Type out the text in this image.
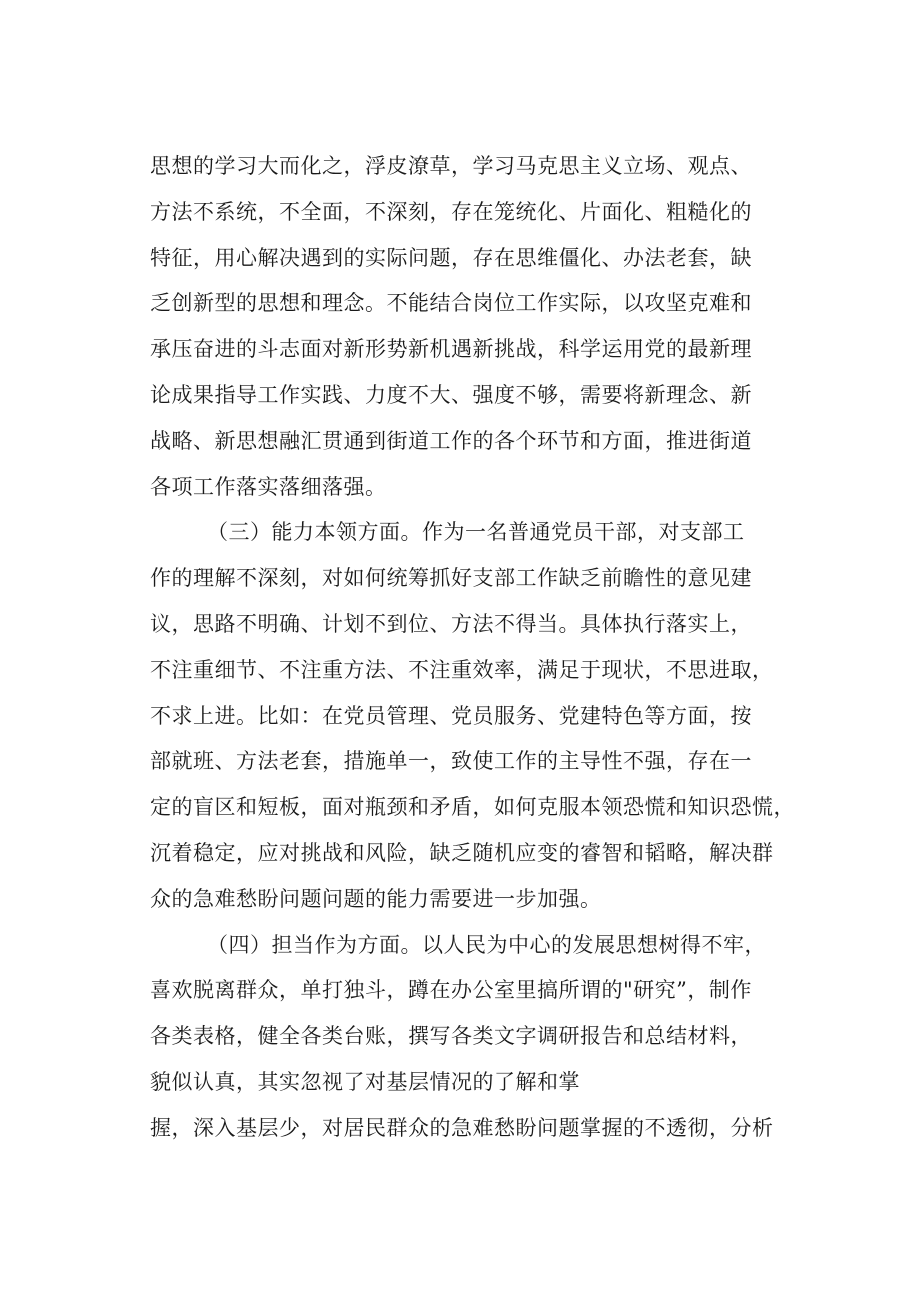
思想的学习大而化之，浮皮潦草，学习马克思主义立场、观点、
方法不系统，不全面，不深刻，存在笼统化、片面化、粗糙化的
特征，用心解决遇到的实际问题，存在思维僵化、办法老套，缺
乏创新型的思想和理念。不能结合岗位工作实际，以攻坚克难和
承压奋进的斗志面对新形势新机遇新挑战，科学运用党的最新理
论成果指导工作实践、力度不大、强度不够，需要将新理念、新
战略、新思想融汇贯通到街道工作的各个环节和方面，推进街道
各项工作落实落细落强。
（三）能力本领方面。作为一名普通党员干部，对支部工
作的理解不深刻，对如何统筹抓好支部工作缺乏前瞻性的意见建
议，思路不明确、计划不到位、方法不得当。具体执行落实上，
不注重细节、不注重方法、不注重效率，满足于现状，不思进取，
不求上进。比如：在党员管理、党员服务、党建特色等方面，按
部就班、方法老套，措施单一，致使工作的主导性不强，存在一
定的盲区和短板，面对瓶颈和矛盾，如何克服本领恐慌和知识恐慌，
沉着稳定，应对挑战和风险，缺乏随机应变的睿智和韬略，解决群
众的急难愁盼问题问题的能力需要进一步加强。
（四）担当作为方面。以人民为中心的发展思想树得不牢，
喜欢脱离群众，单打独斗，蹲在办公室里搞所谓的"研究”，制作
各类表格，健全各类台账，撰写各类文字调研报告和总结材料，
貌似认真，其实忽视了对基层情况的了解和掌
握，深入基层少，对居民群众的急难愁盼问题掌握的不透彻，分析
